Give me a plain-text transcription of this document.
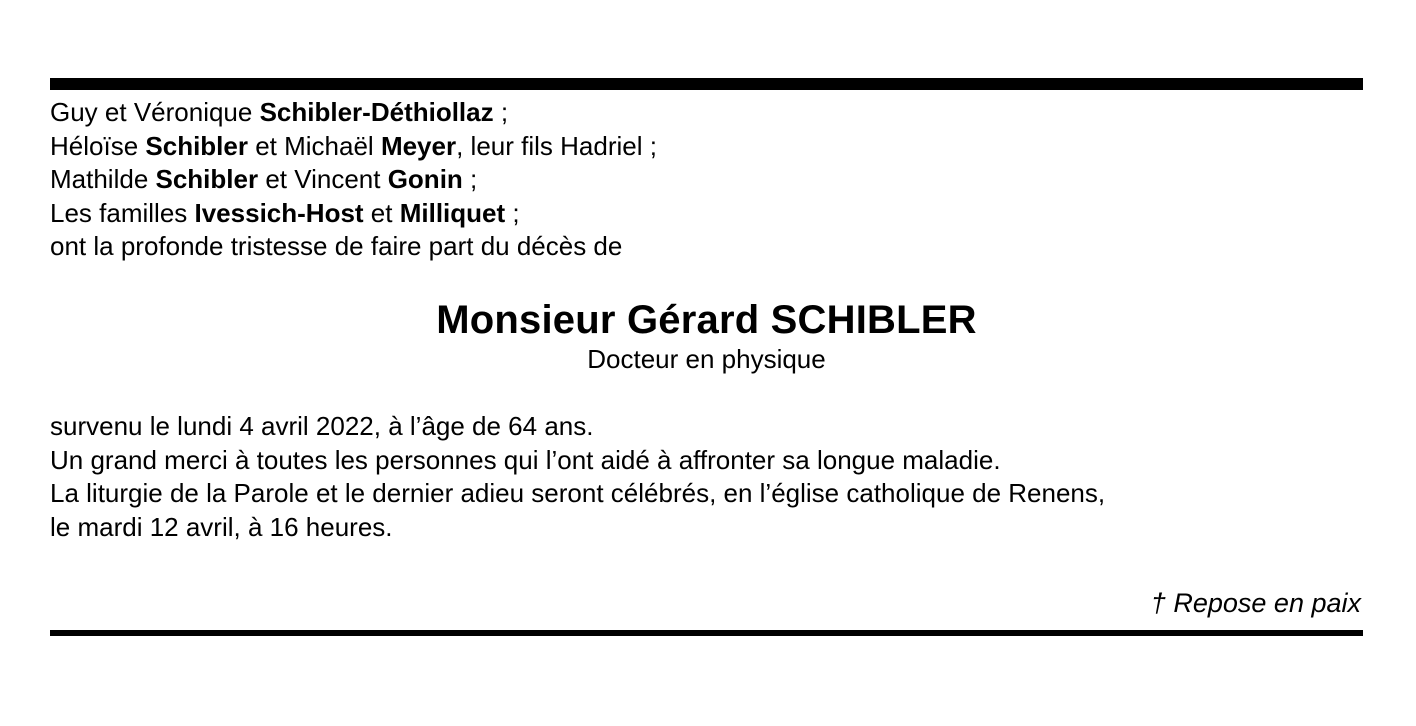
Guy et Véronique Schibler-Déthiollaz ;

Héloïse Schibler et Michaël Meyer, leur fils Hadriel ;

Mathilde Schibler et Vincent Gonin ;

Les familles Ivessich-Host et Milliquet ;

ont la profonde tristesse de faire part du décès de

Monsieur Gérard SCHIBLER

Docteur en physique

survenu le lundi 4 avril 2022, à l’âge de 64 ans.

Un grand merci à toutes les personnes qui l’ont aidé à affronter sa longue maladie.

La liturgie de la Parole et le dernier adieu seront célébrés, en l’église catholique de Renens,

le mardi 12 avril, à 16 heures.

† Repose en paix
